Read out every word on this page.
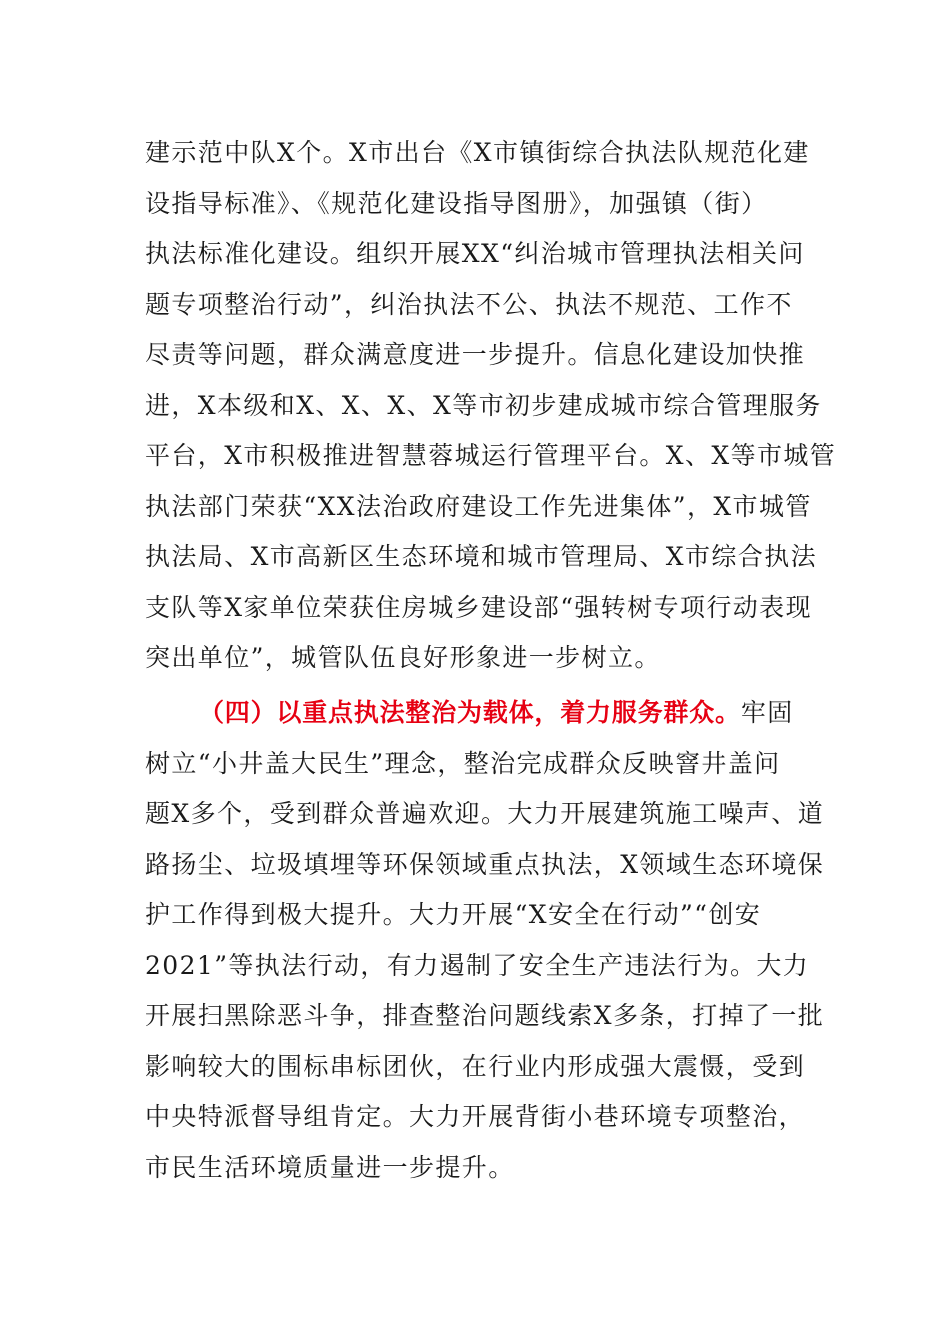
建示范中队X个。X市出台《X市镇街综合执法队规范化建
设指导标准》、《规范化建设指导图册》，加强镇（街）
执法标准化建设。组织开展XX“纠治城市管理执法相关问
题专项整治行动”，纠治执法不公、执法不规范、工作不
尽责等问题，群众满意度进一步提升。信息化建设加快推
进，X本级和X、X、X、X等市初步建成城市综合管理服务
平台，X市积极推进智慧蓉城运行管理平台。X、X等市城管
执法部门荣获“XX法治政府建设工作先进集体”，X市城管
执法局、X市高新区生态环境和城市管理局、X市综合执法
支队等X家单位荣获住房城乡建设部“强转树专项行动表现
突出单位”，城管队伍良好形象进一步树立。
（四）以重点执法整治为载体，着力服务群众。牢固
树立“小井盖大民生”理念，整治完成群众反映窨井盖问
题X多个，受到群众普遍欢迎。大力开展建筑施工噪声、道
路扬尘、垃圾填埋等环保领域重点执法，X领域生态环境保
护工作得到极大提升。大力开展“X安全在行动”“创安
2021”等执法行动，有力遏制了安全生产违法行为。大力
开展扫黑除恶斗争，排查整治问题线索X多条，打掉了一批
影响较大的围标串标团伙，在行业内形成强大震慑，受到
中央特派督导组肯定。大力开展背街小巷环境专项整治，
市民生活环境质量进一步提升。
